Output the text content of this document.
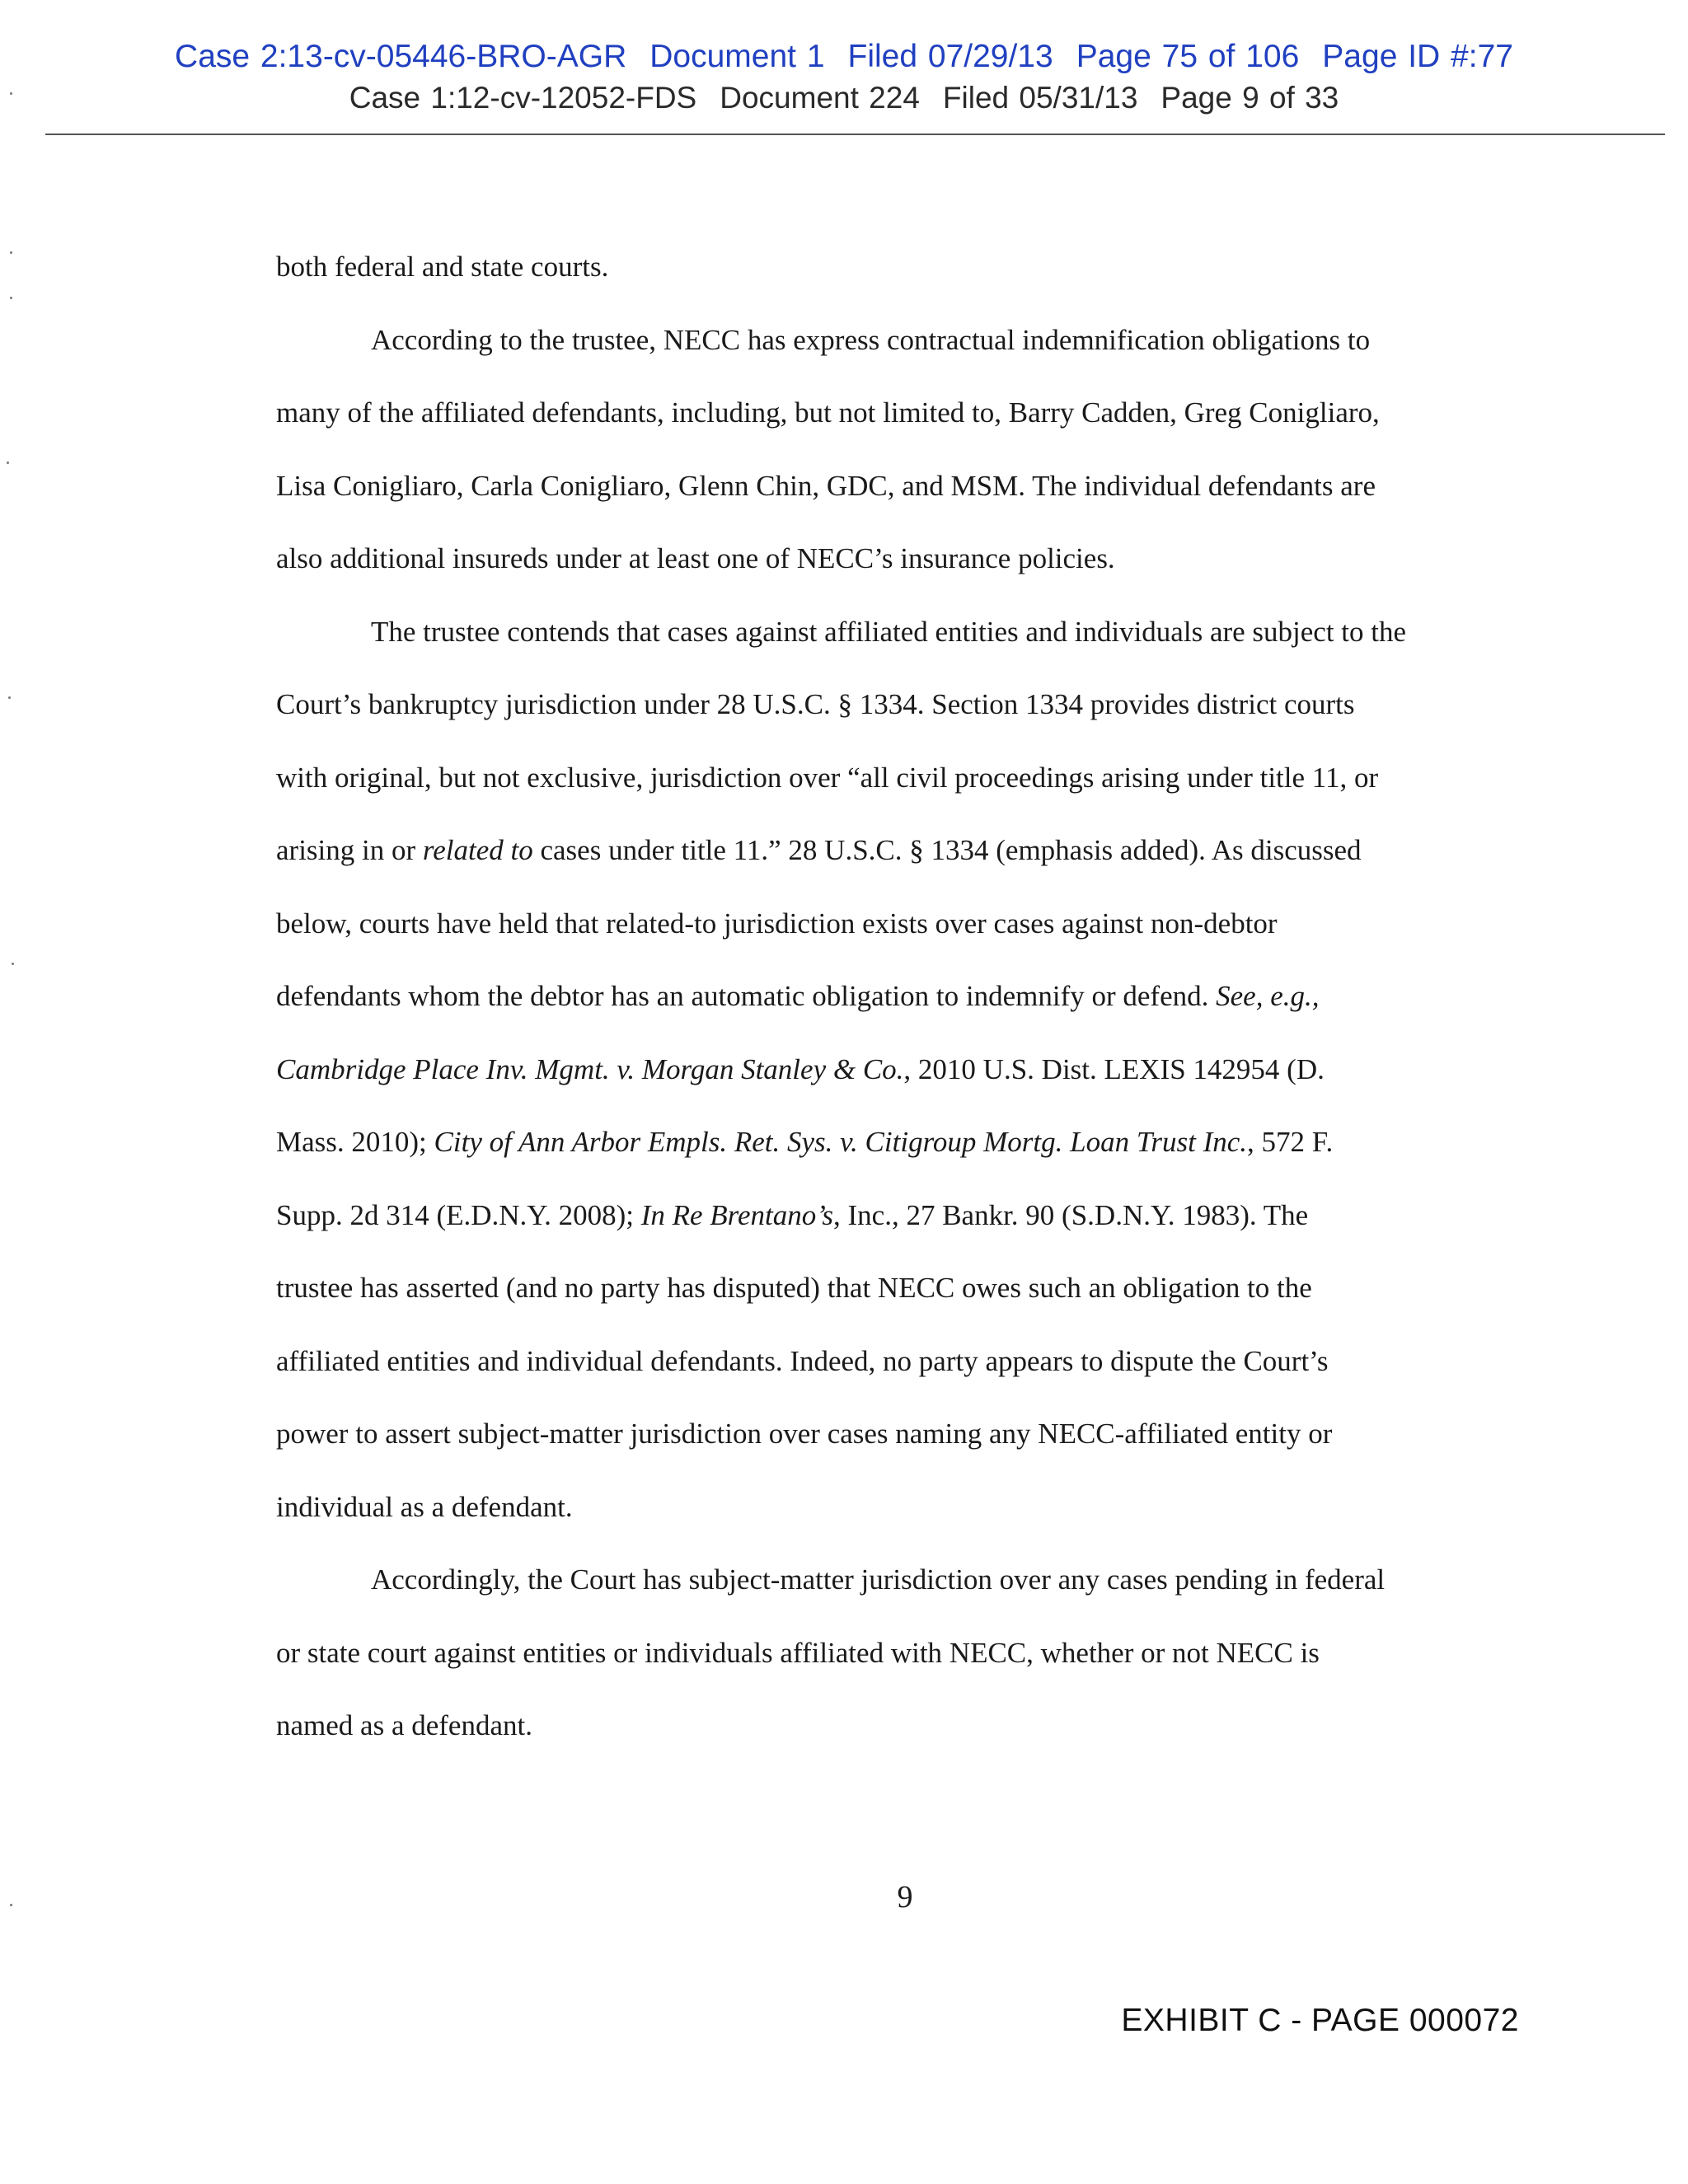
Case 2:13-cv-05446-BRO-AGR Document 1 Filed 07/29/13 Page 75 of 106 Page ID #:77
Case 1:12-cv-12052-FDS Document 224 Filed 05/31/13 Page 9 of 33

both federal and state courts.

According to the trustee, NECC has express contractual indemnification obligations to

many of the affiliated defendants, including, but not limited to, Barry Cadden, Greg Conigliaro,

Lisa Conigliaro, Carla Conigliaro, Glenn Chin, GDC, and MSM. The individual defendants are

also additional insureds under at least one of NECC’s insurance policies.

The trustee contends that cases against affiliated entities and individuals are subject to the

Court’s bankruptcy jurisdiction under 28 U.S.C. § 1334. Section 1334 provides district courts

with original, but not exclusive, jurisdiction over “all civil proceedings arising under title 11, or

arising in or related to cases under title 11.” 28 U.S.C. § 1334 (emphasis added). As discussed

below, courts have held that related-to jurisdiction exists over cases against non-debtor

defendants whom the debtor has an automatic obligation to indemnify or defend. See, e.g.,

Cambridge Place Inv. Mgmt. v. Morgan Stanley & Co., 2010 U.S. Dist. LEXIS 142954 (D.

Mass. 2010); City of Ann Arbor Empls. Ret. Sys. v. Citigroup Mortg. Loan Trust Inc., 572 F.

Supp. 2d 314 (E.D.N.Y. 2008); In Re Brentano’s, Inc., 27 Bankr. 90 (S.D.N.Y. 1983). The

trustee has asserted (and no party has disputed) that NECC owes such an obligation to the

affiliated entities and individual defendants. Indeed, no party appears to dispute the Court’s

power to assert subject-matter jurisdiction over cases naming any NECC-affiliated entity or

individual as a defendant.

Accordingly, the Court has subject-matter jurisdiction over any cases pending in federal

or state court against entities or individuals affiliated with NECC, whether or not NECC is

named as a defendant.

9
EXHIBIT C - PAGE 000072
